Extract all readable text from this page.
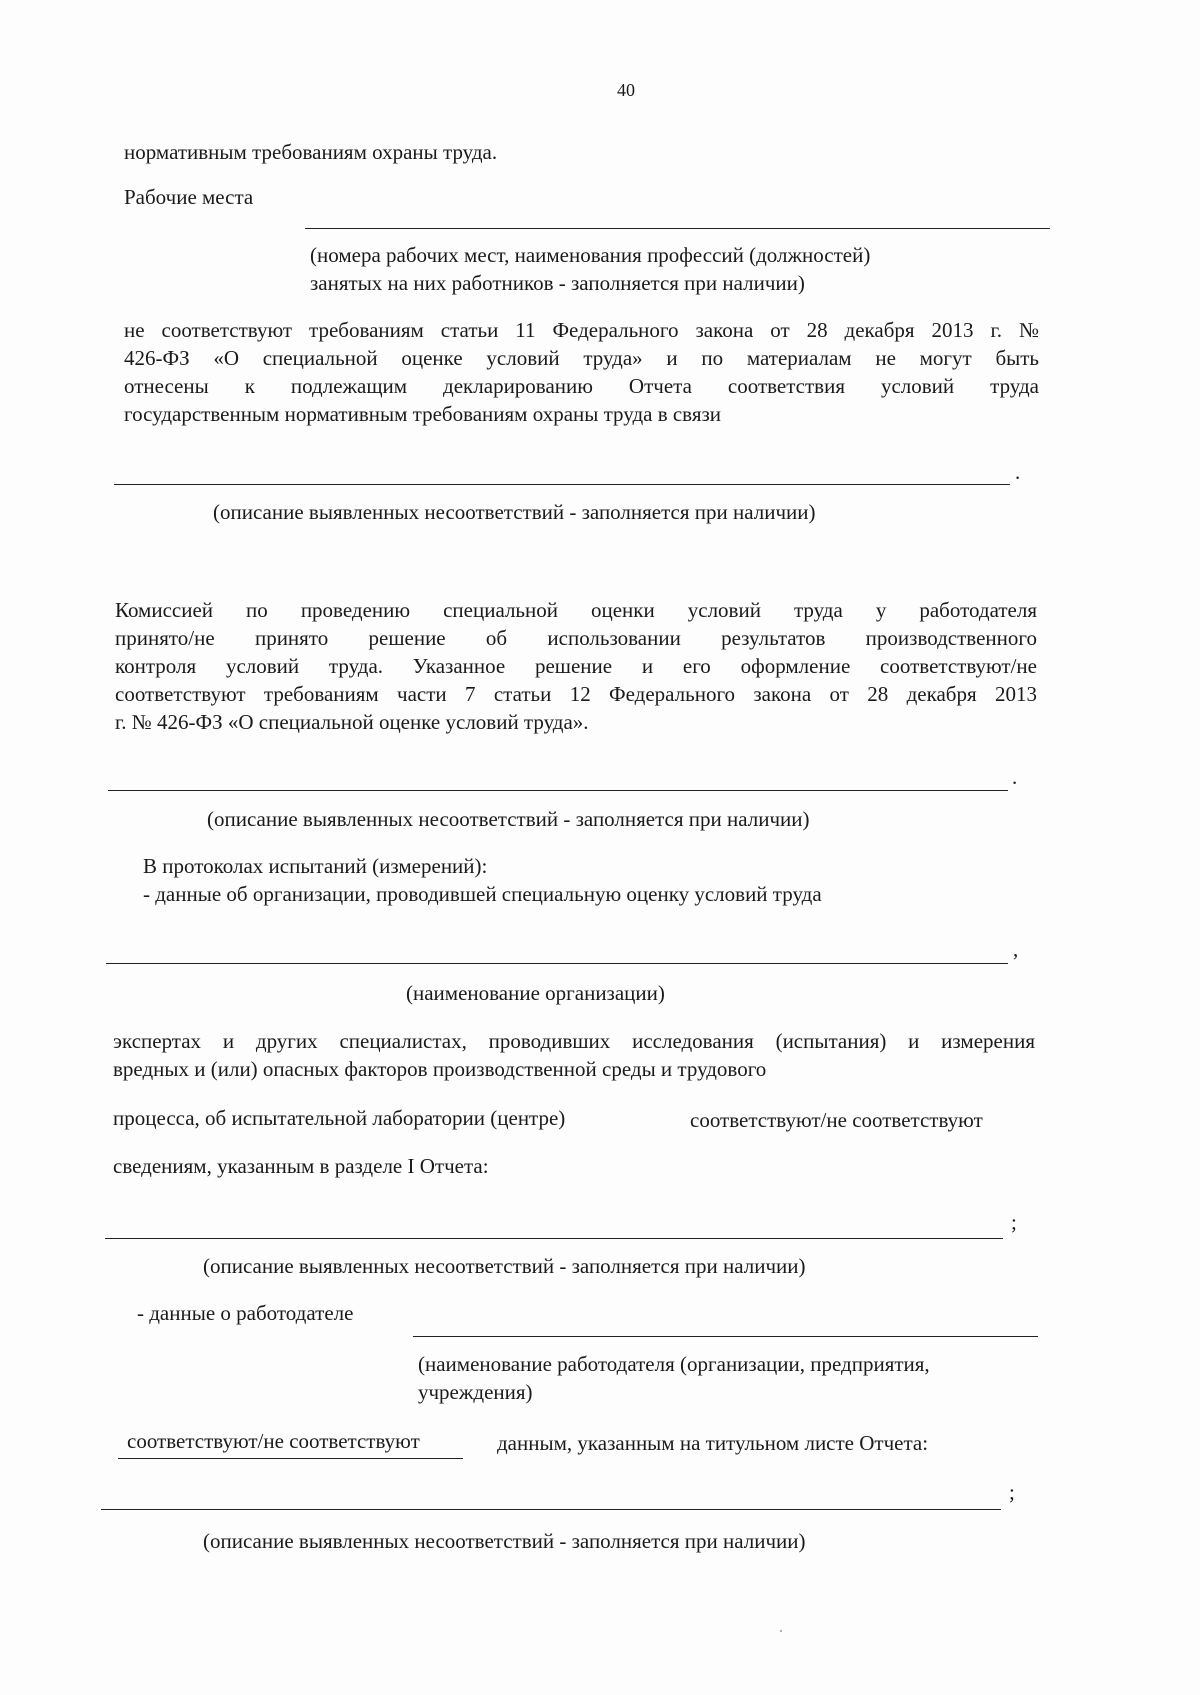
40
нормативным требованиям охраны труда.
Рабочие места
(номера рабочих мест, наименования профессий (должностей)
занятых на них работников - заполняется при наличии)
не соответствуют требованиям статьи 11 Федерального закона от 28 декабря 2013 г. №
426-ФЗ «О специальной оценке условий труда» и по материалам не могут быть
отнесены к подлежащим декларированию Отчета соответствия условий труда
государственным нормативным требованиям охраны труда в связи
.
(описание выявленных несоответствий - заполняется при наличии)
Комиссией по проведению специальной оценки условий труда у работодателя
принято/не принято решение об использовании результатов производственного
контроля условий труда. Указанное решение и его оформление соответствуют/не
соответствуют требованиям части 7 статьи 12 Федерального закона от 28 декабря 2013
г. № 426-ФЗ «О специальной оценке условий труда».
.
(описание выявленных несоответствий - заполняется при наличии)
В протоколах испытаний (измерений):
- данные об организации, проводившей специальную оценку условий труда
,
(наименование организации)
экспертах и других специалистах, проводивших исследования (испытания) и измерения
вредных и (или) опасных факторов производственной среды и трудового
процесса, об испытательной лаборатории (центре)	соответствуют/не соответствуют
сведениям, указанным в разделе I Отчета:
;
(описание выявленных несоответствий - заполняется при наличии)
- данные о работодателе
(наименование работодателя (организации, предприятия,
учреждения)
соответствуют/не соответствуют	данным, указанным на титульном листе Отчета:
;
(описание выявленных несоответствий - заполняется при наличии)
